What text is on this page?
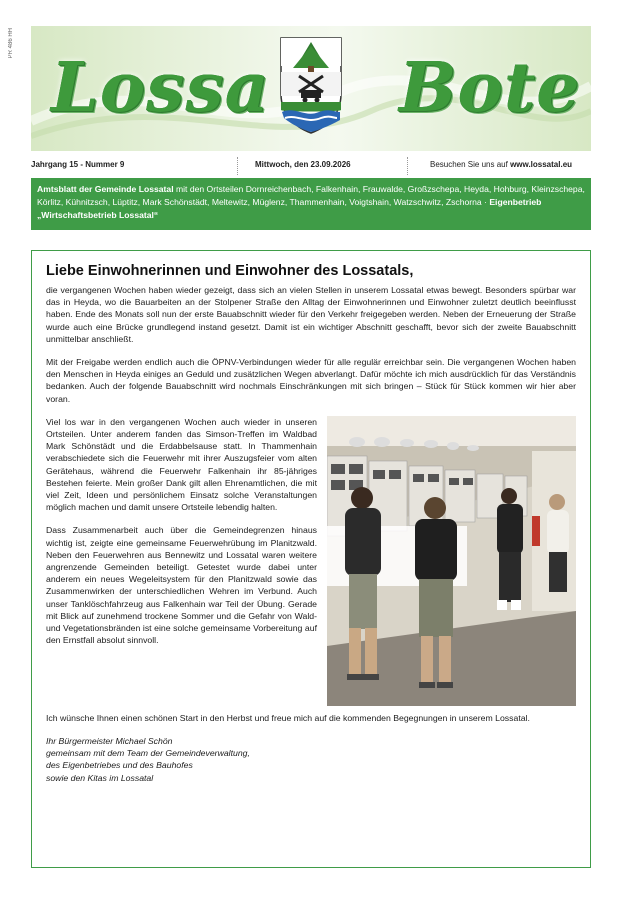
PR 486 HH
Lossa Bote
Jahrgang 15 - Nummer 9	Mittwoch, den 23.09.2026	Besuchen Sie uns auf www.lossatal.eu
Amtsblatt der Gemeinde Lossatal mit den Ortsteilen Dornreichenbach, Falkenhain, Frauwalde, Großzschepa, Heyda, Hohburg, Kleinzschepa, Körlitz, Kühnitzsch, Lüptitz, Mark Schönstädt, Meltewitz, Müglenz, Thammenhain, Voigtshain, Watzschwitz, Zschorna · Eigenbetrieb „Wirtschaftsbetrieb Lossatal“
Liebe Einwohnerinnen und Einwohner des Lossatals,

die vergangenen Wochen haben wieder gezeigt, dass sich an vielen Stellen in unserem Lossatal etwas bewegt. Besonders spürbar war das in Heyda, wo die Bauarbeiten an der Stolpener Straße den Alltag der Einwohnerinnen und Einwohner zuletzt deutlich beeinflusst haben. Ende des Monats soll nun der erste Bauabschnitt wieder für den Verkehr freigegeben werden. Neben der Erneuerung der Straße wurde auch eine Brücke grundlegend instand gesetzt. Damit ist ein wichtiger Abschnitt geschafft, bevor sich der zweite Bauabschnitt unmittelbar anschließt.

Mit der Freigabe werden endlich auch die ÖPNV-Verbindungen wieder für alle regulär erreichbar sein. Die vergangenen Wochen haben den Menschen in Heyda einiges an Geduld und zusätzlichen Wegen abverlangt. Dafür möchte ich mich ausdrücklich für das Verständnis bedanken. Auch der folgende Bauabschnitt wird nochmals Einschränkungen mit sich bringen – Stück für Stück kommen wir hier aber voran.

Viel los war in den vergangenen Wochen auch wieder in unseren Ortsteilen. Unter anderem fanden das Simson-Treffen im Waldbad Mark Schönstädt und die Erdabbelsause statt. In Thammenhain verabschiedete sich die Feuerwehr mit ihrer Auszugsfeier vom alten Gerätehaus, während die Feuerwehr Falkenhain ihr 85-jähriges Bestehen feierte. Mein großer Dank gilt allen Ehrenamtlichen, die mit viel Zeit, Ideen und persönlichem Einsatz solche Veranstaltungen möglich machen und damit unsere Ortsteile lebendig halten.

Dass Zusammenarbeit auch über die Gemeindegrenzen hinaus wichtig ist, zeigte eine gemeinsame Feuerwehrübung im Planitzwald. Neben den Feuerwehren aus Bennewitz und Lossatal waren weitere angrenzende Gemeinden beteiligt. Getestet wurde dabei unter anderem ein neues Wegeleitsystem für den Planitzwald sowie das Zusammenwirken der unterschiedlichen Wehren im Verbund. Auch unser Tanklöschfahrzeug aus Falkenhain war Teil der Übung. Gerade mit Blick auf zunehmend trockene Sommer und die Gefahr von Wald- und Vegetationsbränden ist eine solche gemeinsame Vorbereitung auf den Ernstfall absolut sinnvoll.

Ich wünsche Ihnen einen schönen Start in den Herbst und freue mich auf die kommenden Begegnungen in unserem Lossatal.

Ihr Bürgermeister Michael Schön
gemeinsam mit dem Team der Gemeindeverwaltung,
des Eigenbetriebes und des Bauhofes
sowie den Kitas im Lossatal
